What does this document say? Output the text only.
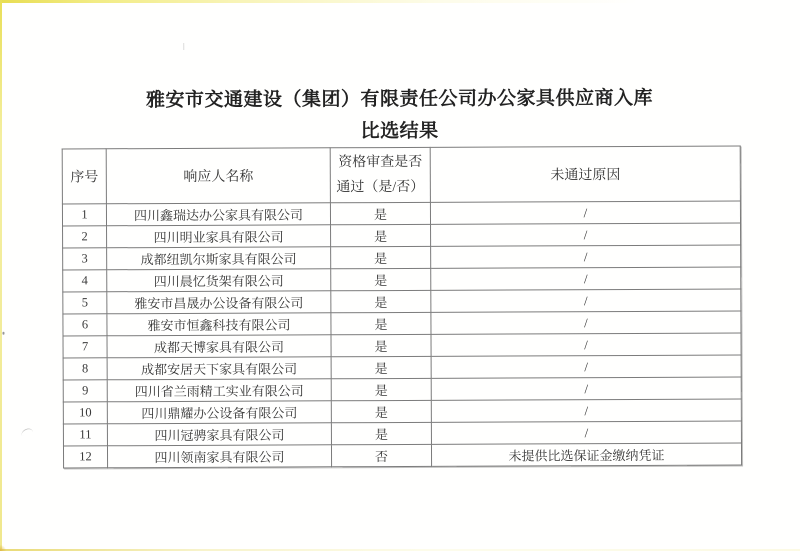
雅安市交通建设（集团）有限责任公司办公家具供应商入库
比选结果
序号	响应人名称	资格审查是否
通过（是/否）	未通过原因
1	四川鑫瑞达办公家具有限公司	是	/
2	四川明业家具有限公司	是	/
3	成都纽凯尔斯家具有限公司	是	/
4	四川晨忆货架有限公司	是	/
5	雅安市昌晟办公设备有限公司	是	/
6	雅安市恒鑫科技有限公司	是	/
7	成都天博家具有限公司	是	/
8	成都安居天下家具有限公司	是	/
9	四川省兰雨精工实业有限公司	是	/
10	四川鼎耀办公设备有限公司	是	/
11	四川冠骋家具有限公司	是	/
12	四川领南家具有限公司	否	未提供比选保证金缴纳凭证
